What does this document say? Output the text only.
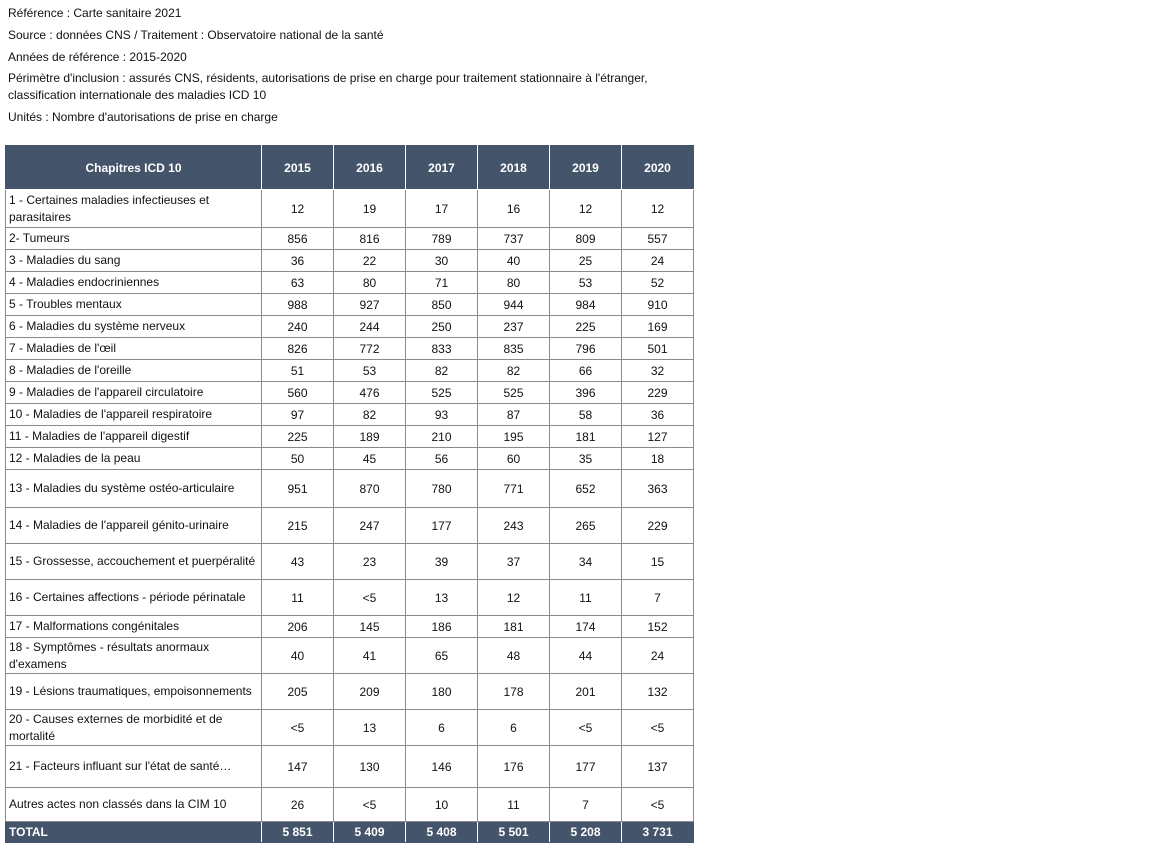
Référence : Carte sanitaire 2021
Source : données CNS / Traitement : Observatoire national de la santé
Années de référence : 2015-2020
Périmètre d'inclusion : assurés CNS, résidents, autorisations de prise en charge pour traitement stationnaire à l'étranger, classification internationale des maladies ICD 10
Unités : Nombre d'autorisations de prise en charge
Chapitres ICD 10	2015	2016	2017	2018	2019	2020
1 - Certaines maladies infectieuses et parasitaires	12	19	17	16	12	12
2- Tumeurs	856	816	789	737	809	557
3 - Maladies du sang	36	22	30	40	25	24
4 - Maladies endocriniennes	63	80	71	80	53	52
5 - Troubles mentaux	988	927	850	944	984	910
6 - Maladies du système nerveux	240	244	250	237	225	169
7 - Maladies de l'œil	826	772	833	835	796	501
8 - Maladies de l'oreille	51	53	82	82	66	32
9 - Maladies de l'appareil circulatoire	560	476	525	525	396	229
10 - Maladies de l'appareil respiratoire	97	82	93	87	58	36
11 - Maladies de l'appareil digestif	225	189	210	195	181	127
12 - Maladies de la peau	50	45	56	60	35	18
13 - Maladies du système ostéo-articulaire	951	870	780	771	652	363
14 - Maladies de l'appareil génito-urinaire	215	247	177	243	265	229
15 - Grossesse, accouchement et puerpéralité	43	23	39	37	34	15
16 - Certaines affections - période périnatale	11	<5	13	12	11	7
17 - Malformations congénitales	206	145	186	181	174	152
18 - Symptômes - résultats anormaux d'examens	40	41	65	48	44	24
19 - Lésions traumatiques, empoisonnements	205	209	180	178	201	132
20 - Causes externes de morbidité et de mortalité	<5	13	6	6	<5	<5
21 - Facteurs influant sur l'état de santé…	147	130	146	176	177	137
Autres actes non classés dans la CIM 10	26	<5	10	11	7	<5
TOTAL	5 851	5 409	5 408	5 501	5 208	3 731
